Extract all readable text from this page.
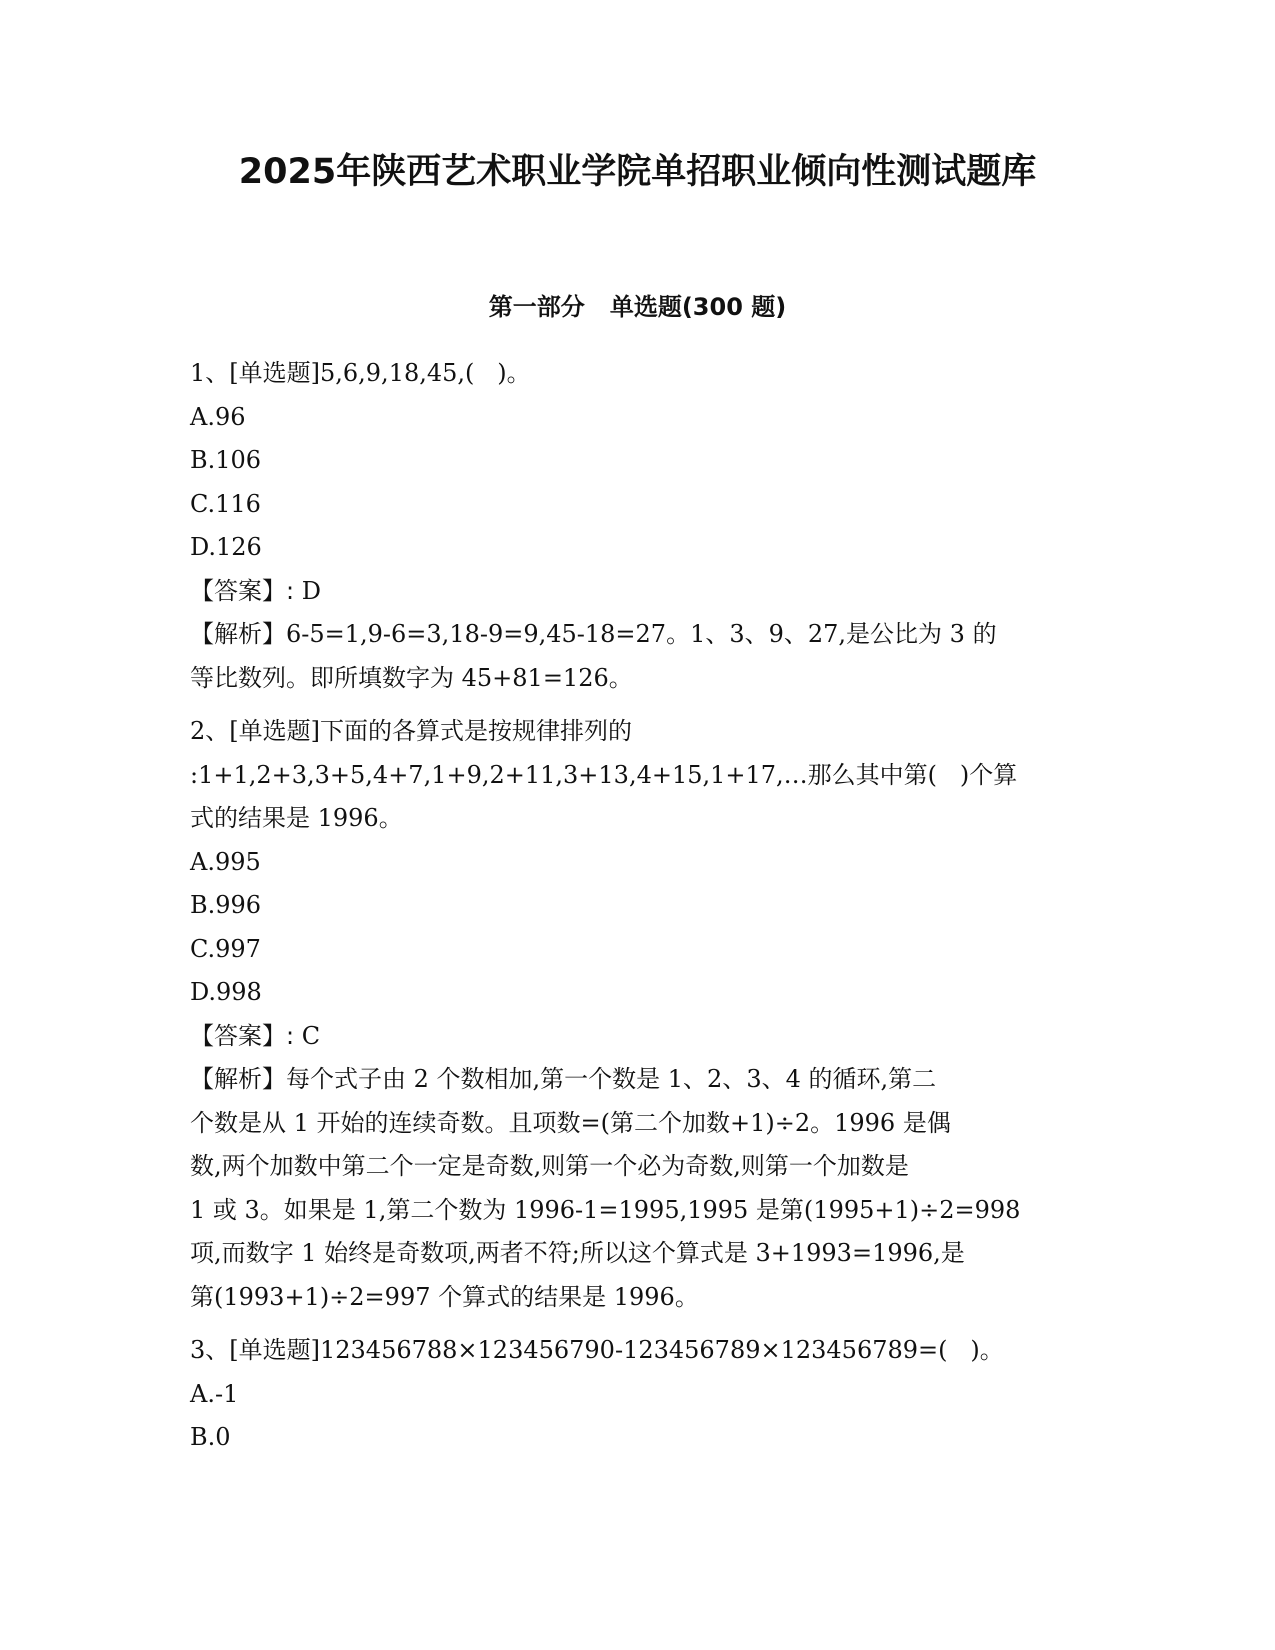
2025年陕西艺术职业学院单招职业倾向性测试题库
第一部分   单选题(300 题)

1、[单选题]5,6,9,18,45,(   )。

A.96

B.106

C.116

D.126

【答案】: D

【解析】6-5=1,9-6=3,18-9=9,45-18=27。1、3、9、27,是公比为 3 的

等比数列。即所填数字为 45+81=126。

2、[单选题]下面的各算式是按规律排列的

:1+1,2+3,3+5,4+7,1+9,2+11,3+13,4+15,1+17,…那么其中第(   )个算

式的结果是 1996。

A.995

B.996

C.997

D.998

【答案】: C

【解析】每个式子由 2 个数相加,第一个数是 1、2、3、4 的循环,第二

个数是从 1 开始的连续奇数。且项数=(第二个加数+1)÷2。1996 是偶

数,两个加数中第二个一定是奇数,则第一个必为奇数,则第一个加数是

1 或 3。如果是 1,第二个数为 1996-1=1995,1995 是第(1995+1)÷2=998

项,而数字 1 始终是奇数项,两者不符;所以这个算式是 3+1993=1996,是

第(1993+1)÷2=997 个算式的结果是 1996。

3、[单选题]123456788×123456790-123456789×123456789=(   )。

A.-1

B.0
